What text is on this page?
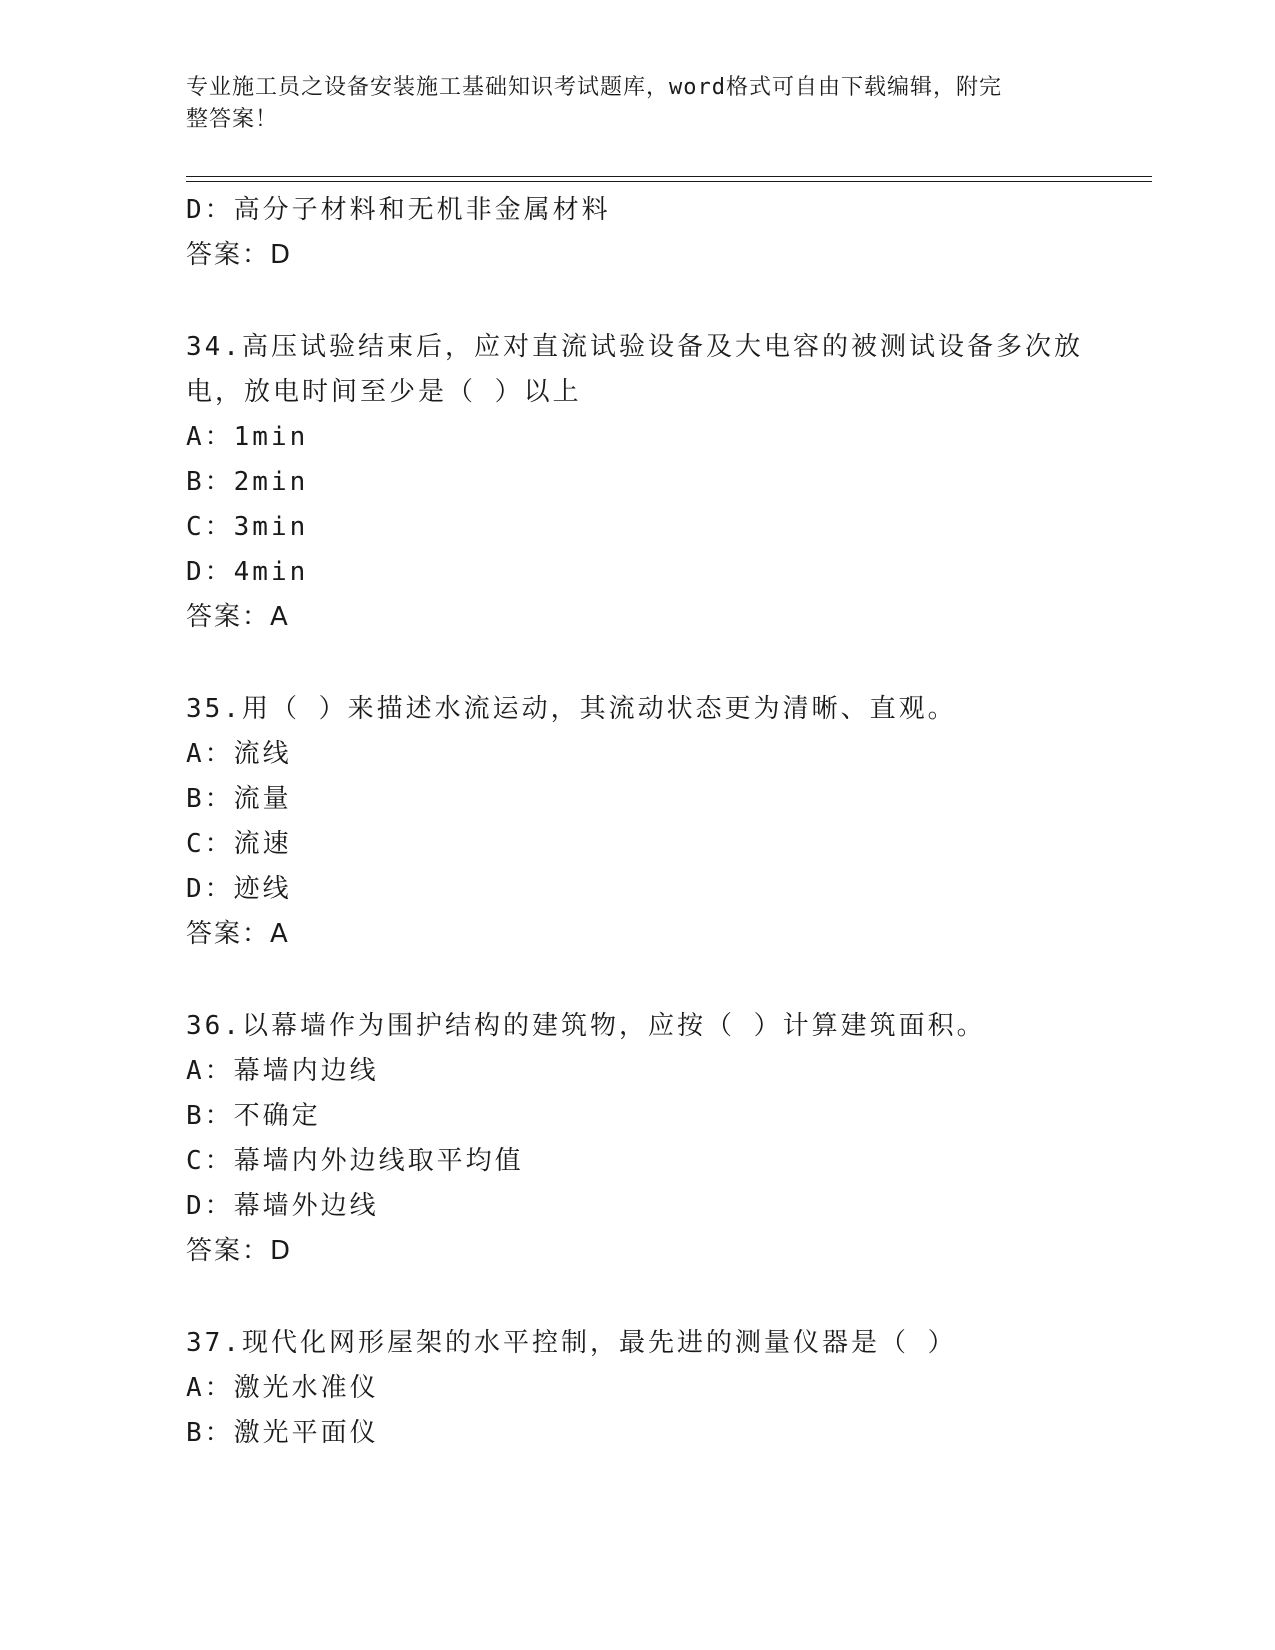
专业施工员之设备安装施工基础知识考试题库，word格式可自由下载编辑，附完
整答案！
D：高分子材料和无机非金属材料
答案：D
34.高压试验结束后，应对直流试验设备及大电容的被测试设备多次放
电，放电时间至少是（ ）以上
A：1min
B：2min
C：3min
D：4min
答案：A
35.用（ ）来描述水流运动，其流动状态更为清晰、直观。
A：流线
B：流量
C：流速
D：迹线
答案：A
36.以幕墙作为围护结构的建筑物，应按（ ）计算建筑面积。
A：幕墙内边线
B：不确定
C：幕墙内外边线取平均值
D：幕墙外边线
答案：D
37.现代化网形屋架的水平控制，最先进的测量仪器是（ ）
A：激光水准仪
B：激光平面仪
